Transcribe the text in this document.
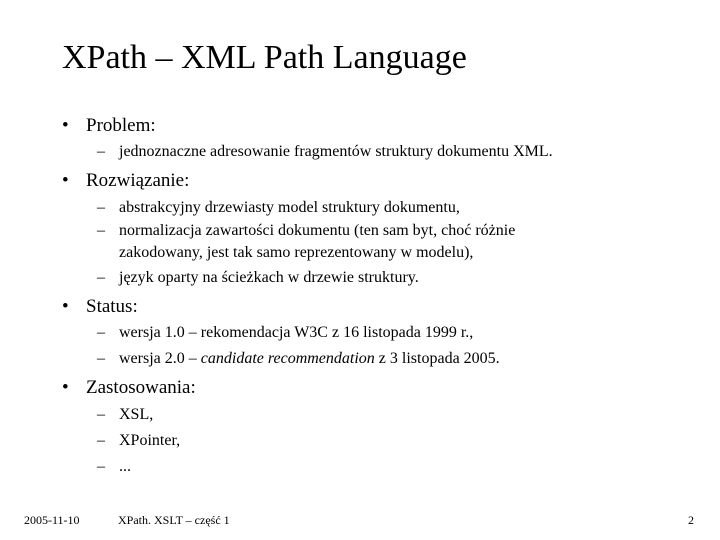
XPath – XML Path Language
• Problem:
– jednoznaczne adresowanie fragmentów struktury dokumentu XML.
• Rozwiązanie:
– abstrakcyjny drzewiasty model struktury dokumentu,
– normalizacja zawartości dokumentu (ten sam byt, choć różnie
zakodowany, jest tak samo reprezentowany w modelu),
– język oparty na ścieżkach w drzewie struktury.
• Status:
– wersja 1.0 – rekomendacja W3C z 16 listopada 1999 r.,
– wersja 2.0 – candidate recommendation z 3 listopada 2005.
• Zastosowania:
– XSL,
– XPointer,
– ...
2005-11-10	XPath. XSLT – część 1	2
